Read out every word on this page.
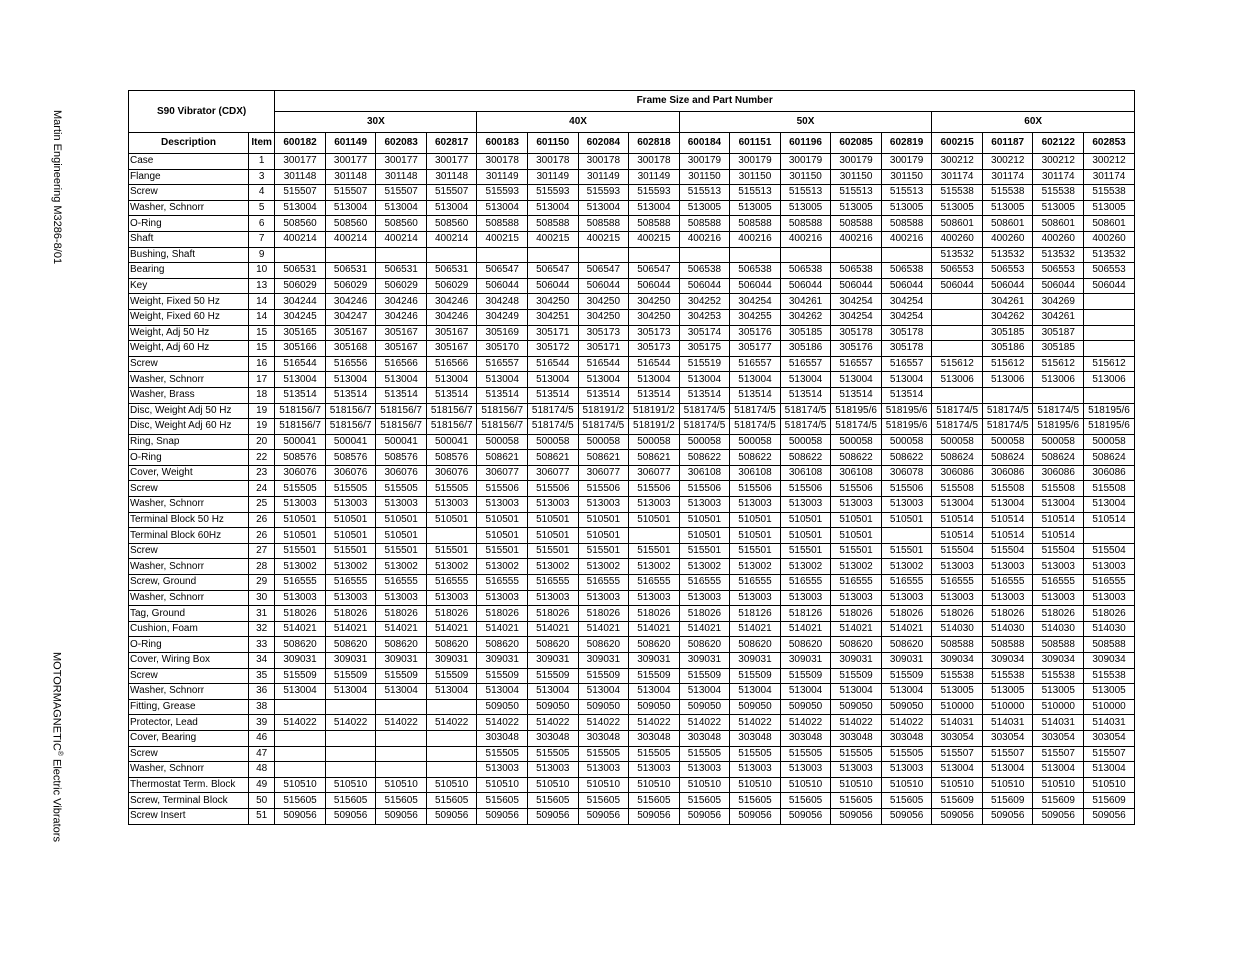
Martin Engineering M3286-8/01
MOTORMAGNETIC® Electric Vibrators
S90 Vibrator (CDX)		Frame Size and Part Number																
		30X				40X				50X					60X			
Description	Item	600182	601149	602083	602817	600183	601150	602084	602818	600184	601151	601196	602085	602819	600215	601187	602122	602853
Case	1	300177	300177	300177	300177	300178	300178	300178	300178	300179	300179	300179	300179	300179	300212	300212	300212	300212
Flange	3	301148	301148	301148	301148	301149	301149	301149	301149	301150	301150	301150	301150	301150	301174	301174	301174	301174
Screw	4	515507	515507	515507	515507	515593	515593	515593	515593	515513	515513	515513	515513	515513	515538	515538	515538	515538
Washer, Schnorr	5	513004	513004	513004	513004	513004	513004	513004	513004	513005	513005	513005	513005	513005	513005	513005	513005	513005
O-Ring	6	508560	508560	508560	508560	508588	508588	508588	508588	508588	508588	508588	508588	508588	508601	508601	508601	508601
Shaft	7	400214	400214	400214	400214	400215	400215	400215	400215	400216	400216	400216	400216	400216	400260	400260	400260	400260
Bushing, Shaft	9														513532	513532	513532	513532
Bearing	10	506531	506531	506531	506531	506547	506547	506547	506547	506538	506538	506538	506538	506538	506553	506553	506553	506553
Key	13	506029	506029	506029	506029	506044	506044	506044	506044	506044	506044	506044	506044	506044	506044	506044	506044	506044
Weight, Fixed 50 Hz	14	304244	304246	304246	304246	304248	304250	304250	304250	304252	304254	304261	304254	304254		304261	304269	
Weight, Fixed 60 Hz	14	304245	304247	304246	304246	304249	304251	304250	304250	304253	304255	304262	304254	304254		304262	304261	
Weight, Adj 50 Hz	15	305165	305167	305167	305167	305169	305171	305173	305173	305174	305176	305185	305178	305178		305185	305187	
Weight, Adj 60 Hz	15	305166	305168	305167	305167	305170	305172	305171	305173	305175	305177	305186	305176	305178		305186	305185	
Screw	16	516544	516556	516566	516566	516557	516544	516544	516544	515519	516557	516557	516557	516557	515612	515612	515612	515612
Washer, Schnorr	17	513004	513004	513004	513004	513004	513004	513004	513004	513004	513004	513004	513004	513004	513006	513006	513006	513006
Washer, Brass	18	513514	513514	513514	513514	513514	513514	513514	513514	513514	513514	513514	513514	513514				
Disc, Weight Adj 50 Hz	19	518156/7	518156/7	518156/7	518156/7	518156/7	518174/5	518191/2	518191/2	518174/5	518174/5	518174/5	518195/6	518195/6	518174/5	518174/5	518174/5	518195/6
Disc, Weight Adj 60 Hz	19	518156/7	518156/7	518156/7	518156/7	518156/7	518174/5	518174/5	518191/2	518174/5	518174/5	518174/5	518174/5	518195/6	518174/5	518174/5	518195/6	518195/6
Ring, Snap	20	500041	500041	500041	500041	500058	500058	500058	500058	500058	500058	500058	500058	500058	500058	500058	500058	500058
O-Ring	22	508576	508576	508576	508576	508621	508621	508621	508621	508622	508622	508622	508622	508622	508624	508624	508624	508624
Cover, Weight	23	306076	306076	306076	306076	306077	306077	306077	306077	306108	306108	306108	306108	306078	306086	306086	306086	306086
Screw	24	515505	515505	515505	515505	515506	515506	515506	515506	515506	515506	515506	515506	515506	515508	515508	515508	515508
Washer, Schnorr	25	513003	513003	513003	513003	513003	513003	513003	513003	513003	513003	513003	513003	513003	513004	513004	513004	513004
Terminal Block 50 Hz	26	510501	510501	510501	510501	510501	510501	510501	510501	510501	510501	510501	510501	510501	510514	510514	510514	510514
Terminal Block 60Hz	26	510501	510501	510501		510501	510501	510501		510501	510501	510501	510501		510514	510514	510514	
Screw	27	515501	515501	515501	515501	515501	515501	515501	515501	515501	515501	515501	515501	515501	515504	515504	515504	515504
Washer, Schnorr	28	513002	513002	513002	513002	513002	513002	513002	513002	513002	513002	513002	513002	513002	513003	513003	513003	513003
Screw, Ground	29	516555	516555	516555	516555	516555	516555	516555	516555	516555	516555	516555	516555	516555	516555	516555	516555	516555
Washer, Schnorr	30	513003	513003	513003	513003	513003	513003	513003	513003	513003	513003	513003	513003	513003	513003	513003	513003	513003
Tag, Ground	31	518026	518026	518026	518026	518026	518026	518026	518026	518026	518126	518126	518026	518026	518026	518026	518026	518026
Cushion, Foam	32	514021	514021	514021	514021	514021	514021	514021	514021	514021	514021	514021	514021	514021	514030	514030	514030	514030
O-Ring	33	508620	508620	508620	508620	508620	508620	508620	508620	508620	508620	508620	508620	508620	508588	508588	508588	508588
Cover, Wiring Box	34	309031	309031	309031	309031	309031	309031	309031	309031	309031	309031	309031	309031	309031	309034	309034	309034	309034
Screw	35	515509	515509	515509	515509	515509	515509	515509	515509	515509	515509	515509	515509	515509	515538	515538	515538	515538
Washer, Schnorr	36	513004	513004	513004	513004	513004	513004	513004	513004	513004	513004	513004	513004	513004	513005	513005	513005	513005
Fitting, Grease	38					509050	509050	509050	509050	509050	509050	509050	509050	509050	510000	510000	510000	510000
Protector, Lead	39	514022	514022	514022	514022	514022	514022	514022	514022	514022	514022	514022	514022	514022	514031	514031	514031	514031
Cover, Bearing	46					303048	303048	303048	303048	303048	303048	303048	303048	303048	303054	303054	303054	303054
Screw	47					515505	515505	515505	515505	515505	515505	515505	515505	515505	515507	515507	515507	515507
Washer, Schnorr	48					513003	513003	513003	513003	513003	513003	513003	513003	513003	513004	513004	513004	513004
Thermostat Term. Block	49	510510	510510	510510	510510	510510	510510	510510	510510	510510	510510	510510	510510	510510	510510	510510	510510	510510
Screw, Terminal Block	50	515605	515605	515605	515605	515605	515605	515605	515605	515605	515605	515605	515605	515605	515609	515609	515609	515609
Screw Insert	51	509056	509056	509056	509056	509056	509056	509056	509056	509056	509056	509056	509056	509056	509056	509056	509056	509056
